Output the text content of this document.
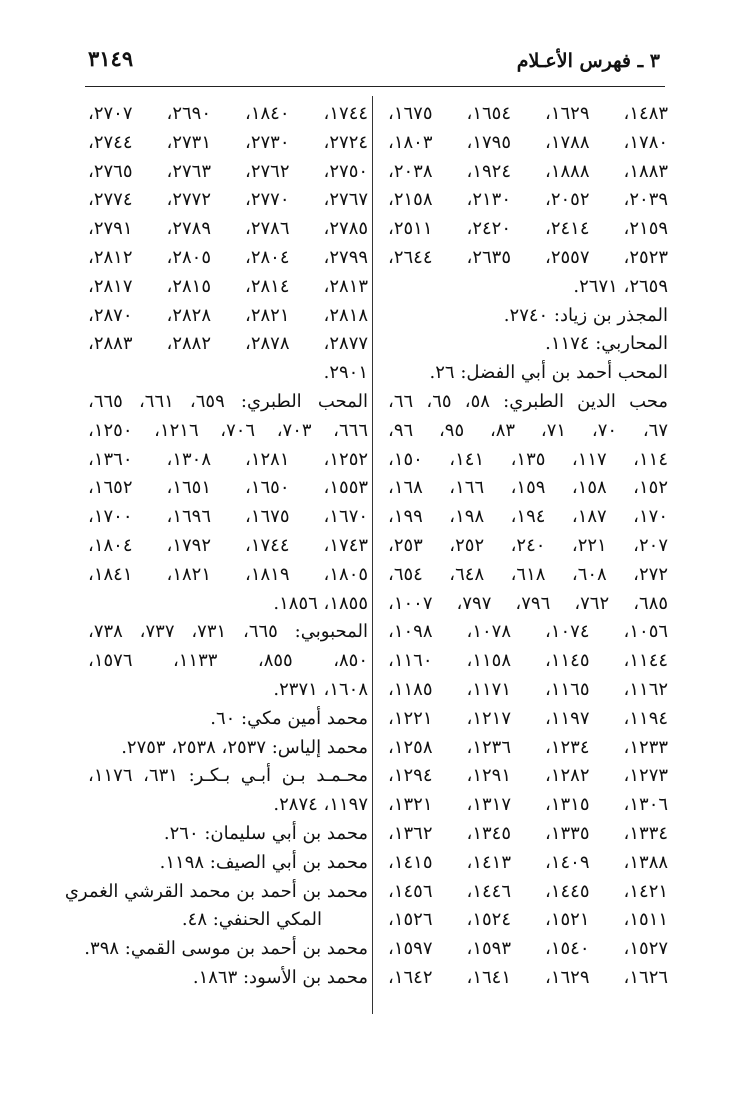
٣ ـ فهرس الأعـلام
٣١٤٩
١٤٨٣، ١٦٢٩، ١٦٥٤، ١٦٧٥،
١٧٨٠، ١٧٨٨، ١٧٩٥، ١٨٠٣،
١٨٨٣، ١٨٨٨، ١٩٢٤، ٢٠٣٨،
٢٠٣٩، ٢٠٥٢، ٢١٣٠، ٢١٥٨،
٢١٥٩، ٢٤١٤، ٢٤٢٠، ٢٥١١،
٢٥٢٣، ٢٥٥٧، ٢٦٣٥، ٢٦٤٤،
٢٦٥٩، ٢٦٧١.
المجذر بن زياد: ٢٧٤٠.
المحاربي: ١١٧٤.
المحب أحمد بن أبي الفضل: ٢٦.
محب الدين الطبري: ٥٨، ٦٥، ٦٦،
٦٧، ٧٠، ٧١، ٨٣، ٩٥، ٩٦،
١١٤، ١١٧، ١٣٥، ١٤١، ١٥٠،
١٥٢، ١٥٨، ١٥٩، ١٦٦، ١٦٨،
١٧٠، ١٨٧، ١٩٤، ١٩٨، ١٩٩،
٢٠٧، ٢٢١، ٢٤٠، ٢٥٢، ٢٥٣،
٢٧٢، ٦٠٨، ٦١٨، ٦٤٨، ٦٥٤،
٦٨٥، ٧٦٢، ٧٩٦، ٧٩٧، ١٠٠٧،
١٠٥٦، ١٠٧٤، ١٠٧٨، ١٠٩٨،
١١٤٤، ١١٤٥، ١١٥٨، ١١٦٠،
١١٦٢، ١١٦٥، ١١٧١، ١١٨٥،
١١٩٤، ١١٩٧، ١٢١٧، ١٢٢١،
١٢٣٣، ١٢٣٤، ١٢٣٦، ١٢٥٨،
١٢٧٣، ١٢٨٢، ١٢٩١، ١٢٩٤،
١٣٠٦، ١٣١٥، ١٣١٧، ١٣٢١،
١٣٣٤، ١٣٣٥، ١٣٤٥، ١٣٦٢،
١٣٨٨، ١٤٠٩، ١٤١٣، ١٤١٥،
١٤٢١، ١٤٤٥، ١٤٤٦، ١٤٥٦،
١٥١١، ١٥٢١، ١٥٢٤، ١٥٢٦،
١٥٢٧، ١٥٤٠، ١٥٩٣، ١٥٩٧،
١٦٢٦، ١٦٢٩، ١٦٤١، ١٦٤٢،
١٧٤٤، ١٨٤٠، ٢٦٩٠، ٢٧٠٧،
٢٧٢٤، ٢٧٣٠، ٢٧٣١، ٢٧٤٤،
٢٧٥٠، ٢٧٦٢، ٢٧٦٣، ٢٧٦٥،
٢٧٦٧، ٢٧٧٠، ٢٧٧٢، ٢٧٧٤،
٢٧٨٥، ٢٧٨٦، ٢٧٨٩، ٢٧٩١،
٢٧٩٩، ٢٨٠٤، ٢٨٠٥، ٢٨١٢،
٢٨١٣، ٢٨١٤، ٢٨١٥، ٢٨١٧،
٢٨١٨، ٢٨٢١، ٢٨٢٨، ٢٨٧٠،
٢٨٧٧، ٢٨٧٨، ٢٨٨٢، ٢٨٨٣،
٢٩٠١.
المحب الطبري: ٦٥٩، ٦٦١، ٦٦٥،
٦٦٦، ٧٠٣، ٧٠٦، ١٢١٦، ١٢٥٠،
١٢٥٢، ١٢٨١، ١٣٠٨، ١٣٦٠،
١٥٥٣، ١٦٥٠، ١٦٥١، ١٦٥٢،
١٦٧٠، ١٦٧٥، ١٦٩٦، ١٧٠٠،
١٧٤٣، ١٧٤٤، ١٧٩٢، ١٨٠٤،
١٨٠٥، ١٨١٩، ١٨٢١، ١٨٤١،
١٨٥٥، ١٨٥٦.
المحبوبي: ٦٦٥، ٧٣١، ٧٣٧، ٧٣٨،
٨٥٠، ٨٥٥، ١١٣٣، ١٥٧٦،
١٦٠٨، ٢٣٧١.
محمد أمين مكي: ٦٠.
محمد إلياس: ٢٥٣٧، ٢٥٣٨، ٢٧٥٣.
محـمـد بـن أبـي بـكـر: ٦٣١، ١١٧٦،
١١٩٧، ٢٨٧٤.
محمد بن أبي سليمان: ٢٦٠.
محمد بن أبي الصيف: ١١٩٨.
محمد بن أحمد بن محمد القرشي الغمري
المكي الحنفي: ٤٨.
محمد بن أحمد بن موسى القمي: ٣٩٨.
محمد بن الأسود: ١٨٦٣.
